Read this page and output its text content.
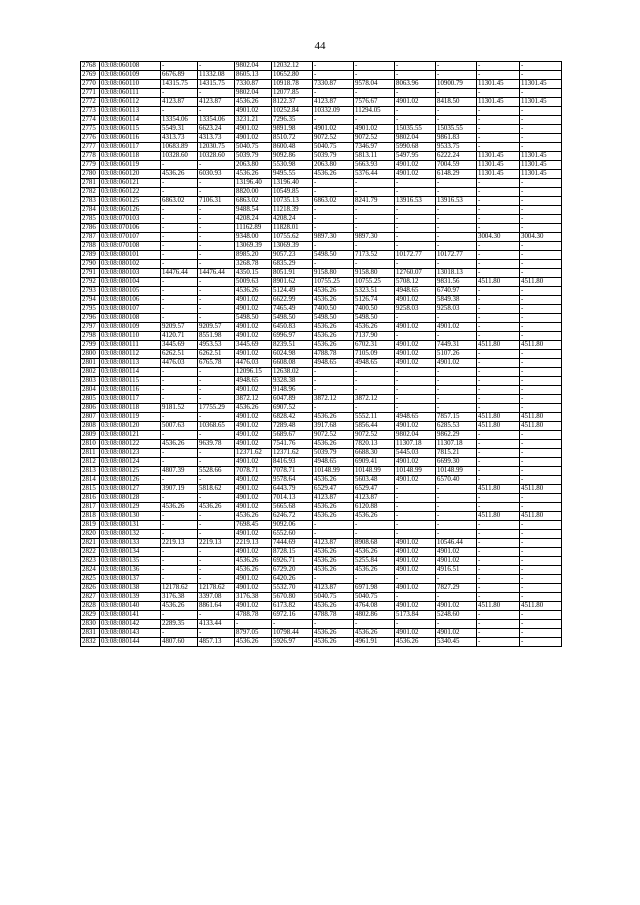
44
2768	03:08:060108	-	-	9802.04	12032.12	-	-	-	-	-	-
2769	03:08:060109	6676.89	11332.08	8605.13	10652.80	-	-	-	-	-	-
2770	03:08:060110	14315.75	14315.75	7330.87	10918.78	7330.87	9578.04	8063.96	10900.79	11301.45	11301.45
2771	03:08:060111	-	-	9802.04	12077.85	-	-	-	-	-	-
2772	03:08:060112	4123.87	4123.87	4536.26	8122.37	4123.87	7576.67	4901.02	8418.50	11301.45	11301.45
2773	03:08:060113	-	-	4901.02	10252.84	10332.09	11294.05	-	-	-	-
2774	03:08:060114	13354.06	13354.06	3231.21	7296.35	-	-	-	-	-	-
2775	03:08:060115	5549.31	6623.24	4901.02	9891.98	4901.02	4901.02	15035.55	15035.55	-	-
2776	03:08:060116	4313.73	4313.73	4901.02	8510.72	9072.52	9072.52	9802.04	9861.83	-	-
2777	03:08:060117	10683.89	12030.75	5040.75	8600.48	5040.75	7346.97	5990.68	9533.75	-	-
2778	03:08:060118	10328.60	10328.60	5039.79	9092.86	5039.79	5813.11	5497.95	6222.24	11301.45	11301.45
2779	03:08:060119	-	-	2063.80	5530.98	2063.80	5663.93	4901.02	7004.59	11301.45	11301.45
2780	03:08:060120	4536.26	6030.93	4536.26	9495.55	4536.26	5376.44	4901.02	6148.29	11301.45	11301.45
2781	03:08:060121	-	-	13196.40	13196.40	-	-	-	-	-	-
2782	03:08:060122	-	-	8820.00	10549.85	-	-	-	-	-	-
2783	03:08:060125	6863.02	7106.31	6863.02	10735.13	6863.02	8241.79	13916.53	13916.53	-	-
2784	03:08:060126	-	-	9488.54	11218.39	-	-	-	-	-	-
2785	03:08:070103	-	-	4208.24	4208.24	-	-	-	-	-	-
2786	03:08:070106	-	-	11162.89	11828.01	-	-	-	-	-	-
2787	03:08:070107	-	-	9348.00	10755.62	9897.30	9897.30	-	-	3004.30	3004.30
2788	03:08:070108	-	-	13069.39	13069.39	-	-	-	-	-	-
2789	03:08:080101	-	-	8985.20	9057.23	5498.50	7173.52	10172.77	10172.77	-	-
2790	03:08:080102	-	-	3268.78	6835.29	-	-	-	-	-	-
2791	03:08:080103	14476.44	14476.44	4350.15	8051.91	9158.80	9158.80	12760.07	13018.13	-	-
2792	03:08:080104	-	-	5009.63	8901.62	10755.25	10755.25	5708.12	9831.56	4511.80	4511.80
2793	03:08:080105	-	-	4536.26	5124.49	4536.26	5323.51	4948.65	6740.97	-	-
2794	03:08:080106	-	-	4901.02	6622.99	4536.26	5126.74	4901.02	5849.38	-	-
2795	03:08:080107	-	-	4901.02	7465.49	7400.50	7400.50	9258.03	9258.03	-	-
2796	03:08:080108	-	-	5498.50	5498.50	5498.50	5498.50	-	-	-	-
2797	03:08:080109	9209.57	9209.57	4901.02	6450.83	4536.26	4536.26	4901.02	4901.02	-	-
2798	03:08:080110	4120.71	8551.98	4901.02	6996.97	4536.26	7137.90	-	-	-	-
2799	03:08:080111	3445.69	4953.53	3445.69	8239.51	4536.26	6702.31	4901.02	7449.31	4511.80	4511.80
2800	03:08:080112	6262.51	6262.51	4901.02	6024.98	4788.78	7105.09	4901.02	5107.26	-	-
2801	03:08:080113	4476.03	6765.78	4476.03	6608.08	4948.65	4948.65	4901.02	4901.02	-	-
2802	03:08:080114	-	-	12096.15	12638.02	-	-	-	-	-	-
2803	03:08:080115	-	-	4948.65	9328.38	-	-	-	-	-	-
2804	03:08:080116	-	-	4901.02	9148.96	-	-	-	-	-	-
2805	03:08:080117	-	-	3872.12	6047.89	3872.12	3872.12	-	-	-	-
2806	03:08:080118	9181.52	17755.29	4536.26	6907.52	-	-	-	-	-	-
2807	03:08:080119	-	-	4901.02	6828.42	4536.26	5552.11	4948.65	7857.15	4511.80	4511.80
2808	03:08:080120	5007.63	10368.65	4901.02	7289.48	3917.68	5856.44	4901.02	6285.53	4511.80	4511.80
2809	03:08:080121	-	-	4901.02	5689.67	9072.52	9072.52	9802.04	9862.29	-	-
2810	03:08:080122	4536.26	9639.78	4901.02	7541.76	4536.26	7820.13	11307.18	11307.18	-	-
2811	03:08:080123	-	-	12371.62	12371.62	5039.79	6688.30	5445.03	7815.21	-	-
2812	03:08:080124	-	-	4901.02	8416.93	4948.65	6909.41	4901.02	6699.30	-	-
2813	03:08:080125	4807.39	5528.66	7078.71	7078.71	10148.99	10148.99	10148.99	10148.99	-	-
2814	03:08:080126	-	-	4901.02	9578.64	4536.26	5603.48	4901.02	6570.40	-	-
2815	03:08:080127	3907.19	5818.62	4901.02	6443.79	6529.47	6529.47	-	-	4511.80	4511.80
2816	03:08:080128	-	-	4901.02	7014.13	4123.87	4123.87	-	-	-	-
2817	03:08:080129	4536.26	4536.26	4901.02	5665.68	4536.26	6120.88	-	-	-	-
2818	03:08:080130	-	-	4536.26	6246.72	4536.26	4536.26	-	-	4511.80	4511.80
2819	03:08:080131	-	-	7698.45	9092.06	-	-	-	-	-	-
2820	03:08:080132	-	-	4901.02	6552.60	-	-	-	-	-	-
2821	03:08:080133	2219.13	2219.13	2219.13	7444.69	4123.87	8908.68	4901.02	10546.44	-	-
2822	03:08:080134	-	-	4901.02	8728.15	4536.26	4536.26	4901.02	4901.02	-	-
2823	03:08:080135	-	-	4536.26	6926.71	4536.26	5255.84	4901.02	4901.02	-	-
2824	03:08:080136	-	-	4536.26	6729.20	4536.26	4536.26	4901.02	4916.51	-	-
2825	03:08:080137	-	-	4901.02	6420.26	-	-	-	-	-	-
2826	03:08:080138	12178.62	12178.62	4901.02	5532.70	4123.87	6971.98	4901.02	7827.29	-	-
2827	03:08:080139	3176.38	3397.08	3176.38	5670.80	5040.75	5040.75	-	-	-	-
2828	03:08:080140	4536.26	8861.64	4901.02	6173.82	4536.26	4764.08	4901.02	4901.02	4511.80	4511.80
2829	03:08:080141	-	-	4788.78	6972.16	4788.78	4802.86	5173.84	5248.60	-	-
2830	03:08:080142	2289.35	4133.44	-	-	-	-	-	-	-	-
2831	03:08:080143	-	-	8797.05	10798.44	4536.26	4536.26	4901.02	4901.02	-	-
2832	03:08:080144	4807.60	4857.13	4536.26	5926.97	4536.26	4961.91	4536.26	5340.45	-	-
